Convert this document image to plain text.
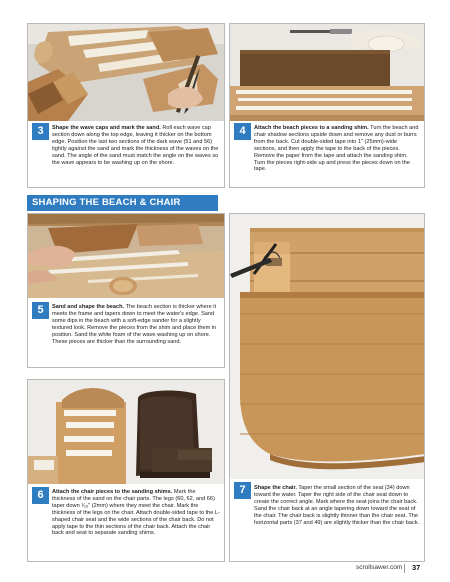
3	Shape the wave caps and mark the sand. Roll each wave cap section down along the top edge, leaving it thicker on the bottom edge. Position the last two sections of the dark wave (51 and 56) tightly against the sand and mark the thickness of the waves on the sand. The angle of the sand must match the angle on the waves so the wave appears to be washing up on the shore.

4	Attach the beach pieces to a sanding shim. Turn the beach and chair shadow sections upside down and remove any dust or burrs from the back. Cut double-sided tape into 1" (25mm)-wide sections, and then apply the tape to the back of the pieces. Remove the paper from the tape and attach the sanding shim. Turn the pieces right-side up and press the pieces down on the tape.

SHAPING THE BEACH & CHAIR
5	Sand and shape the beach. The beach section is thicker where it meets the frame and tapers down to meet the water's edge. Sand some dips in the beach with a soft-edge sander for a slightly textured look. Remove the pieces from the shim and place them in position. Sand the white foam of the wave washing up on shore. These pieces are thicker than the surrounding sand.

7	Shape the chair. Taper the small section of the seat (34) down toward the water. Taper the right side of the chair seat down to create the correct angle. Mark where the seat joins the chair back. Sand the chair back at an angle tapering down toward the seat of the chair. The chair back is slightly thinner than the chair seat. The horizontal parts (37 and 49) are slightly thicker than the chair back.

6	Attach the chair pieces to the sanding shims. Mark the thickness of the sand on the chair parts. The legs (60, 62, and 66) taper down ¹⁄₁₆" (2mm) where they meet the chair. Mark the thickness of the legs on the chair. Attach double-sided tape to the L-shaped chair seat and the wide sections of the chair back. Do not apply tape to the thin sections of the chair back. Attach the chair back and seat to separate sanding shims.

scrollsawer.com 37
